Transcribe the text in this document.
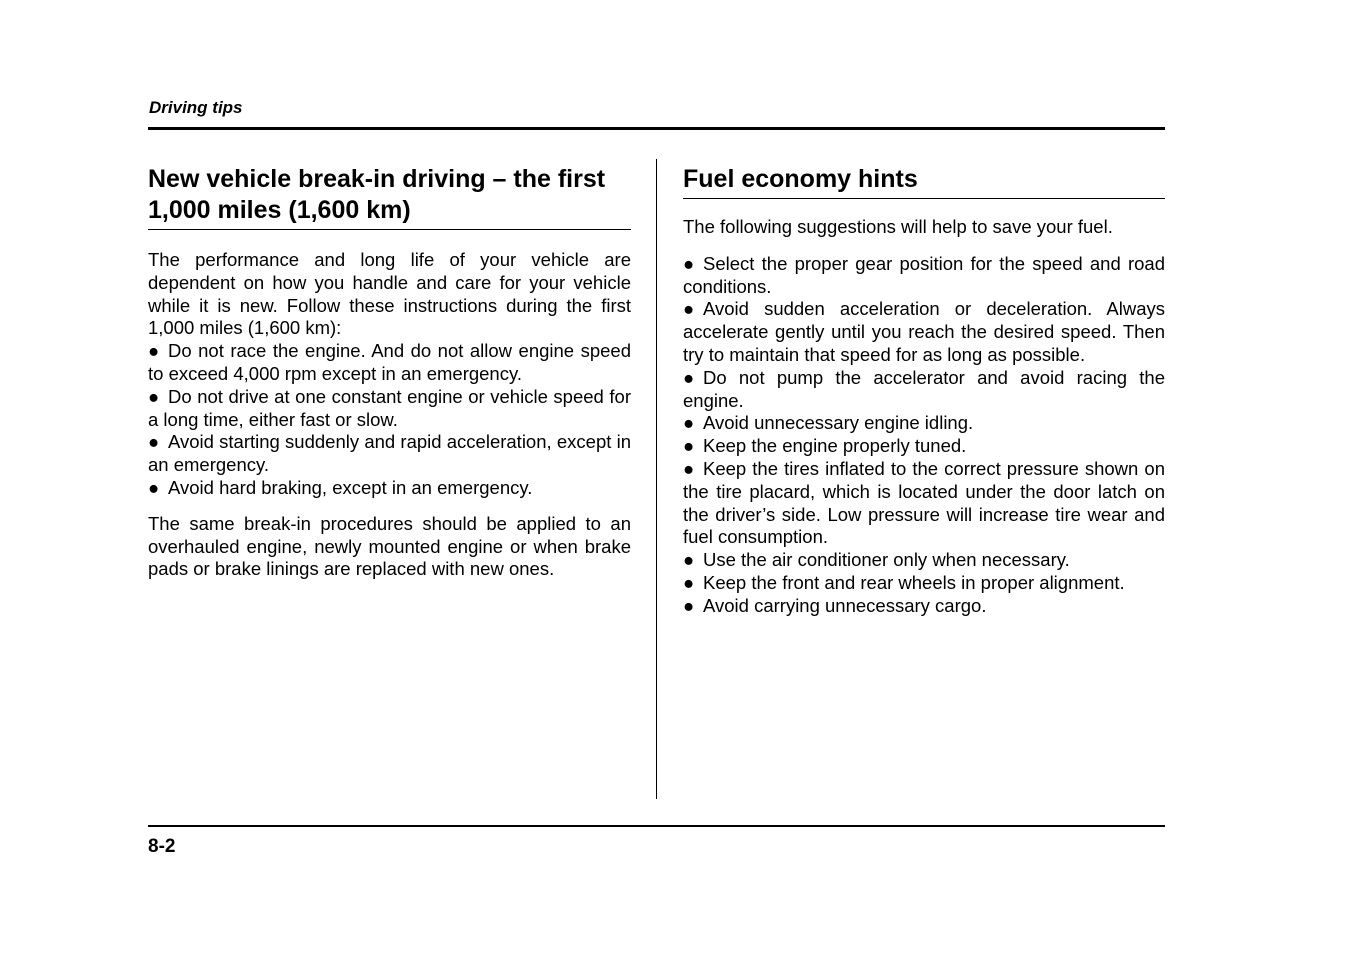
Driving tips
New vehicle break-in driving – the first 1,000 miles (1,600 km)

The performance and long life of your vehicle are dependent on how you handle and care for your vehicle while it is new. Follow these instructions during the first 1,000 miles (1,600 km):

● Do not race the engine. And do not allow engine speed to exceed 4,000 rpm except in an emergency.
● Do not drive at one constant engine or vehicle speed for a long time, either fast or slow.
● Avoid starting suddenly and rapid acceleration, except in an emergency.
● Avoid hard braking, except in an emergency.

The same break-in procedures should be applied to an overhauled engine, newly mounted engine or when brake pads or brake linings are replaced with new ones.

Fuel economy hints

The following suggestions will help to save your fuel.

● Select the proper gear position for the speed and road conditions.
● Avoid sudden acceleration or deceleration. Always accelerate gently until you reach the desired speed. Then try to maintain that speed for as long as possible.
● Do not pump the accelerator and avoid racing the engine.
● Avoid unnecessary engine idling.
● Keep the engine properly tuned.
● Keep the tires inflated to the correct pressure shown on the tire placard, which is located under the door latch on the driver’s side. Low pressure will increase tire wear and fuel consumption.
● Use the air conditioner only when necessary.
● Keep the front and rear wheels in proper alignment.
● Avoid carrying unnecessary cargo.
8-2
